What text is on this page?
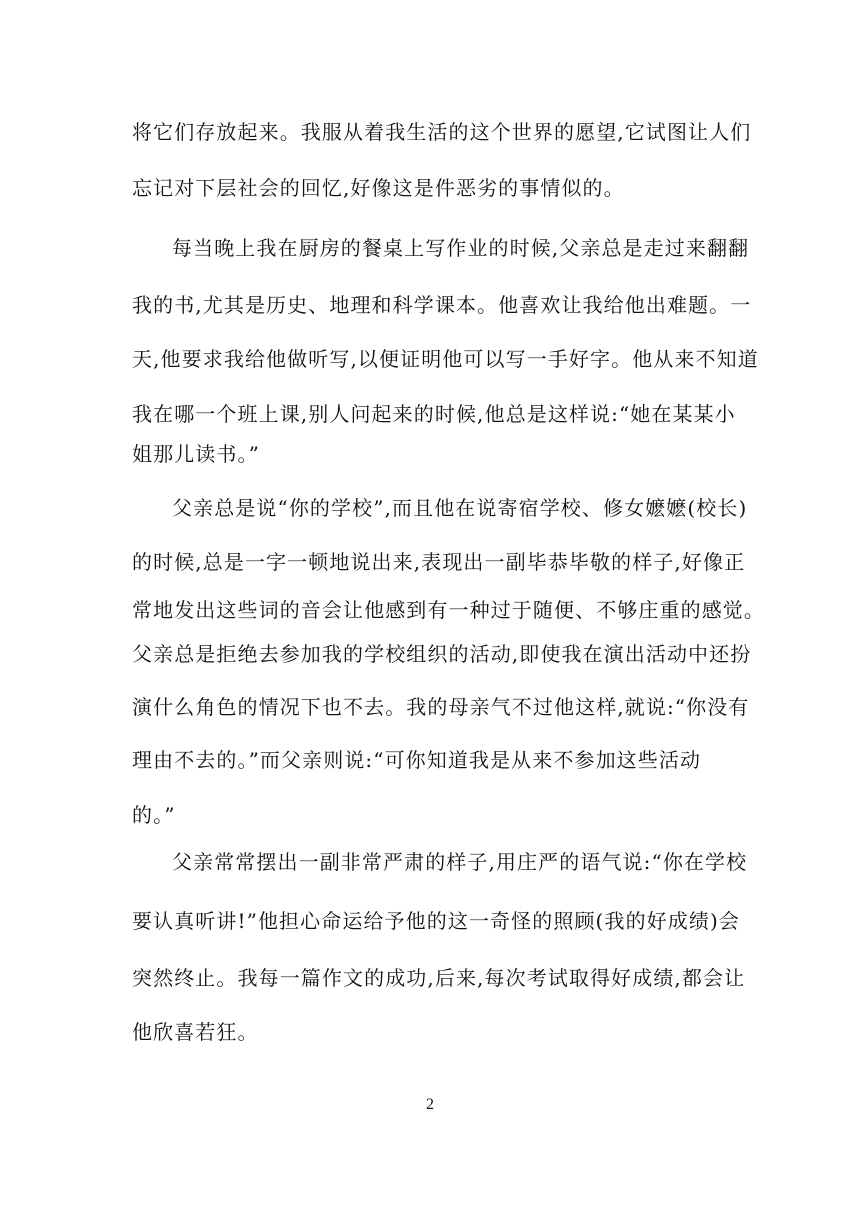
将它们存放起来。我服从着我生活的这个世界的愿望,它试图让人们
忘记对下层社会的回忆,好像这是件恶劣的事情似的。
每当晚上我在厨房的餐桌上写作业的时候,父亲总是走过来翻翻
我的书,尤其是历史、地理和科学课本。他喜欢让我给他出难题。一
天,他要求我给他做听写,以便证明他可以写一手好字。他从来不知道
我在哪一个班上课,别人问起来的时候,他总是这样说:“她在某某小
姐那儿读书。”
父亲总是说“你的学校”,而且他在说寄宿学校、修女嬷嬷(校长)
的时候,总是一字一顿地说出来,表现出一副毕恭毕敬的样子,好像正
常地发出这些词的音会让他感到有一种过于随便、不够庄重的感觉。
父亲总是拒绝去参加我的学校组织的活动,即使我在演出活动中还扮
演什么角色的情况下也不去。我的母亲气不过他这样,就说:“你没有
理由不去的。”而父亲则说:“可你知道我是从来不参加这些活动
的。”
父亲常常摆出一副非常严肃的样子,用庄严的语气说:“你在学校
要认真听讲!”他担心命运给予他的这一奇怪的照顾(我的好成绩)会
突然终止。我每一篇作文的成功,后来,每次考试取得好成绩,都会让
他欣喜若狂。
2
